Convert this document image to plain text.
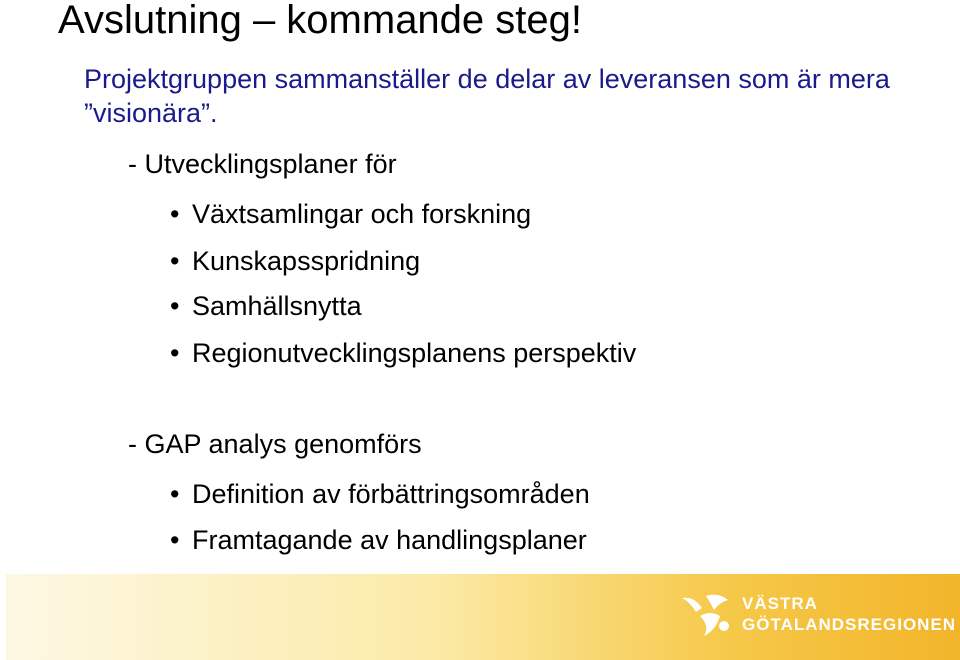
Avslutning – kommande steg!
Projektgruppen sammanställer de delar av leveransen som är mera ”visionära”.
- Utvecklingsplaner för
• Växtsamlingar och forskning
• Kunskapsspridning
• Samhällsnytta
• Regionutvecklingsplanens perspektiv
- GAP analys genomförs
• Definition av förbättringsområden
• Framtagande av handlingsplaner
VÄSTRA
GÖTALANDSREGIONEN
